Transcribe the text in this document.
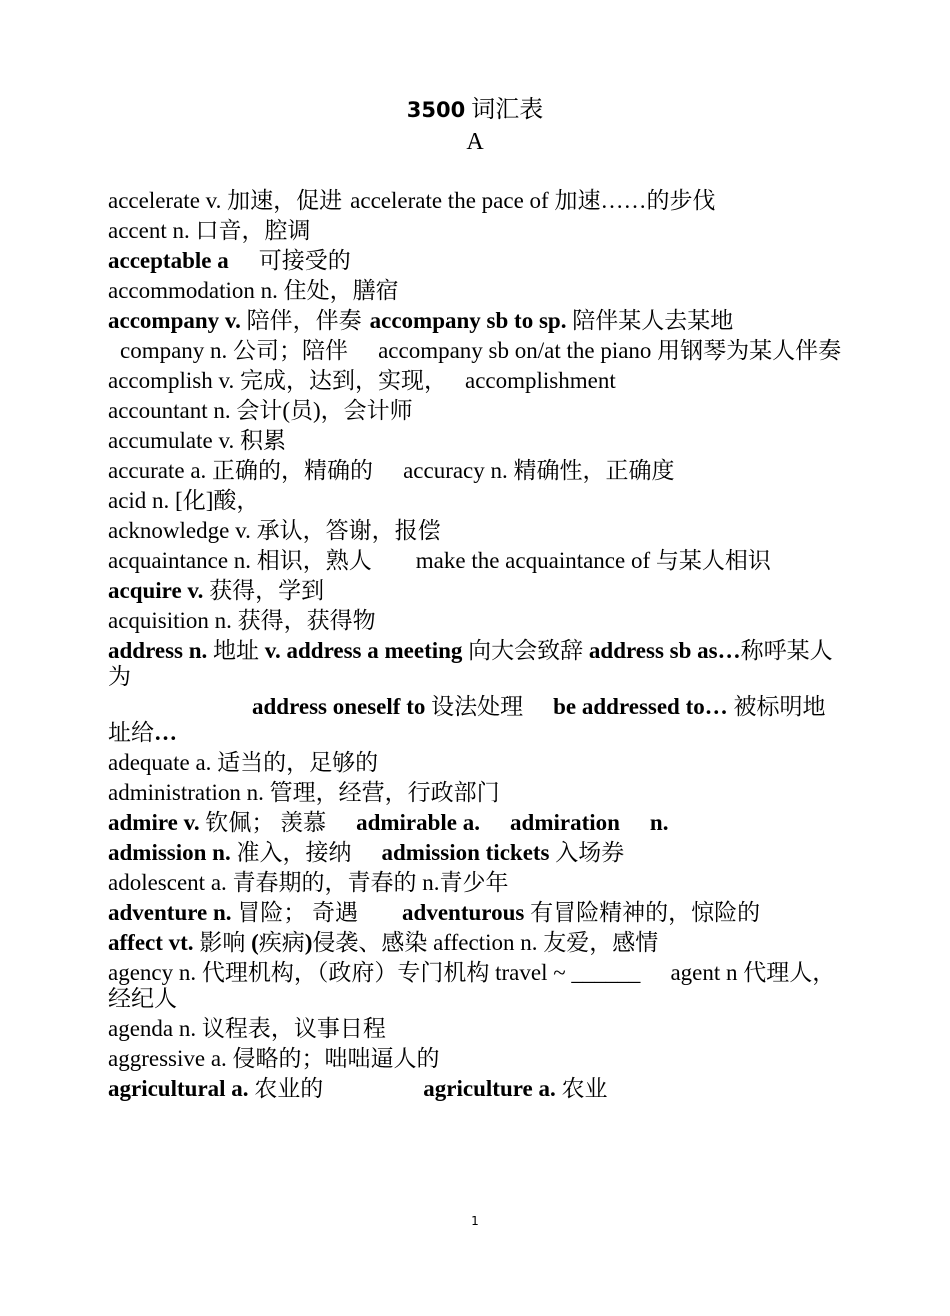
3500 词汇表
A
accelerate v. 加速，促进 accelerate the pace of 加速……的步伐
accent n. 口音，腔调
acceptable a 可接受的
accommodation n. 住处，膳宿
accompany v. 陪伴，伴奏 accompany sb to sp. 陪伴某人去某地
company n. 公司；陪伴 accompany sb on/at the piano 用钢琴为某人伴奏
accomplish v. 完成，达到，实现， accomplishment
accountant n. 会计(员)，会计师
accumulate v. 积累
accurate a. 正确的，精确的 accuracy n. 精确性，正确度
acid n. [化]酸，
acknowledge v. 承认，答谢，报偿
acquaintance n. 相识，熟人 make the acquaintance of 与某人相识
acquire v. 获得，学到
acquisition n. 获得，获得物
address n. 地址 v. address a meeting 向大会致辞 address sb as…称呼某人为
address oneself to 设法处理 be addressed to… 被标明地址给…
adequate a. 适当的，足够的
administration n. 管理，经营，行政部门
admire v. 钦佩； 羡慕 admirable a. admiration n.
admission n. 准入，接纳 admission tickets 入场券
adolescent a. 青春期的，青春的 n.青少年
adventure n. 冒险； 奇遇 adventurous 有冒险精神的，惊险的
affect vt. 影响 (疾病)侵袭、感染 affection n. 友爱，感情
agency n. 代理机构，（政府）专门机构 travel ~ ______ agent n 代理人，经纪人
agenda n. 议程表，议事日程
aggressive a. 侵略的；咄咄逼人的
agricultural a. 农业的	agriculture a. 农业
1
